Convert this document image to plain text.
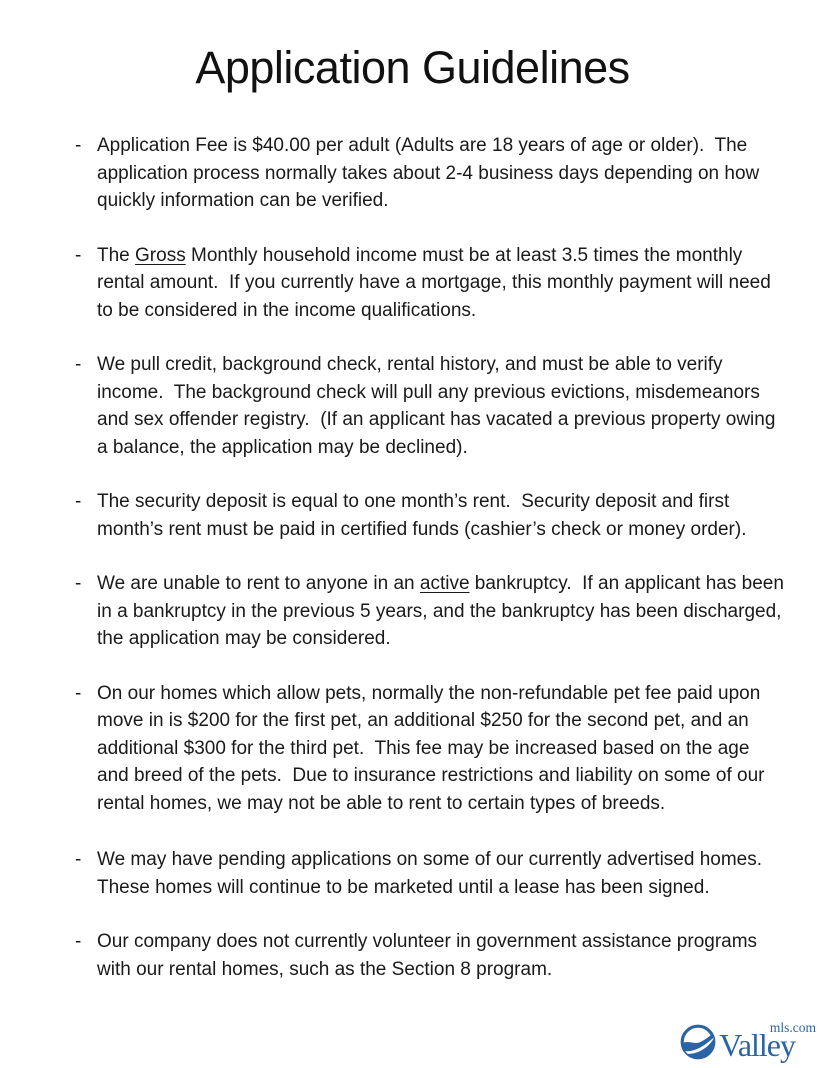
Application Guidelines
- Application Fee is $40.00 per adult (Adults are 18 years of age or older).  The application process normally takes about 2-4 business days depending on how quickly information can be verified.
- The Gross Monthly household income must be at least 3.5 times the monthly rental amount.  If you currently have a mortgage, this monthly payment will need to be considered in the income qualifications.
- We pull credit, background check, rental history, and must be able to verify income.  The background check will pull any previous evictions, misdemeanors and sex offender registry.  (If an applicant has vacated a previous property owing a balance, the application may be declined).
- The security deposit is equal to one month’s rent.  Security deposit and first month’s rent must be paid in certified funds (cashier’s check or money order).
- We are unable to rent to anyone in an active bankruptcy.  If an applicant has been in a bankruptcy in the previous 5 years, and the bankruptcy has been discharged, the application may be considered.
- On our homes which allow pets, normally the non-refundable pet fee paid upon move in is $200 for the first pet, an additional $250 for the second pet, and an additional $300 for the third pet.  This fee may be increased based on the age and breed of the pets.  Due to insurance restrictions and liability on some of our rental homes, we may not be able to rent to certain types of breeds.
- We may have pending applications on some of our currently advertised homes.  These homes will continue to be marketed until a lease has been signed.
- Our company does not currently volunteer in government assistance programs with our rental homes, such as the Section 8 program.
Valley
mls.com
